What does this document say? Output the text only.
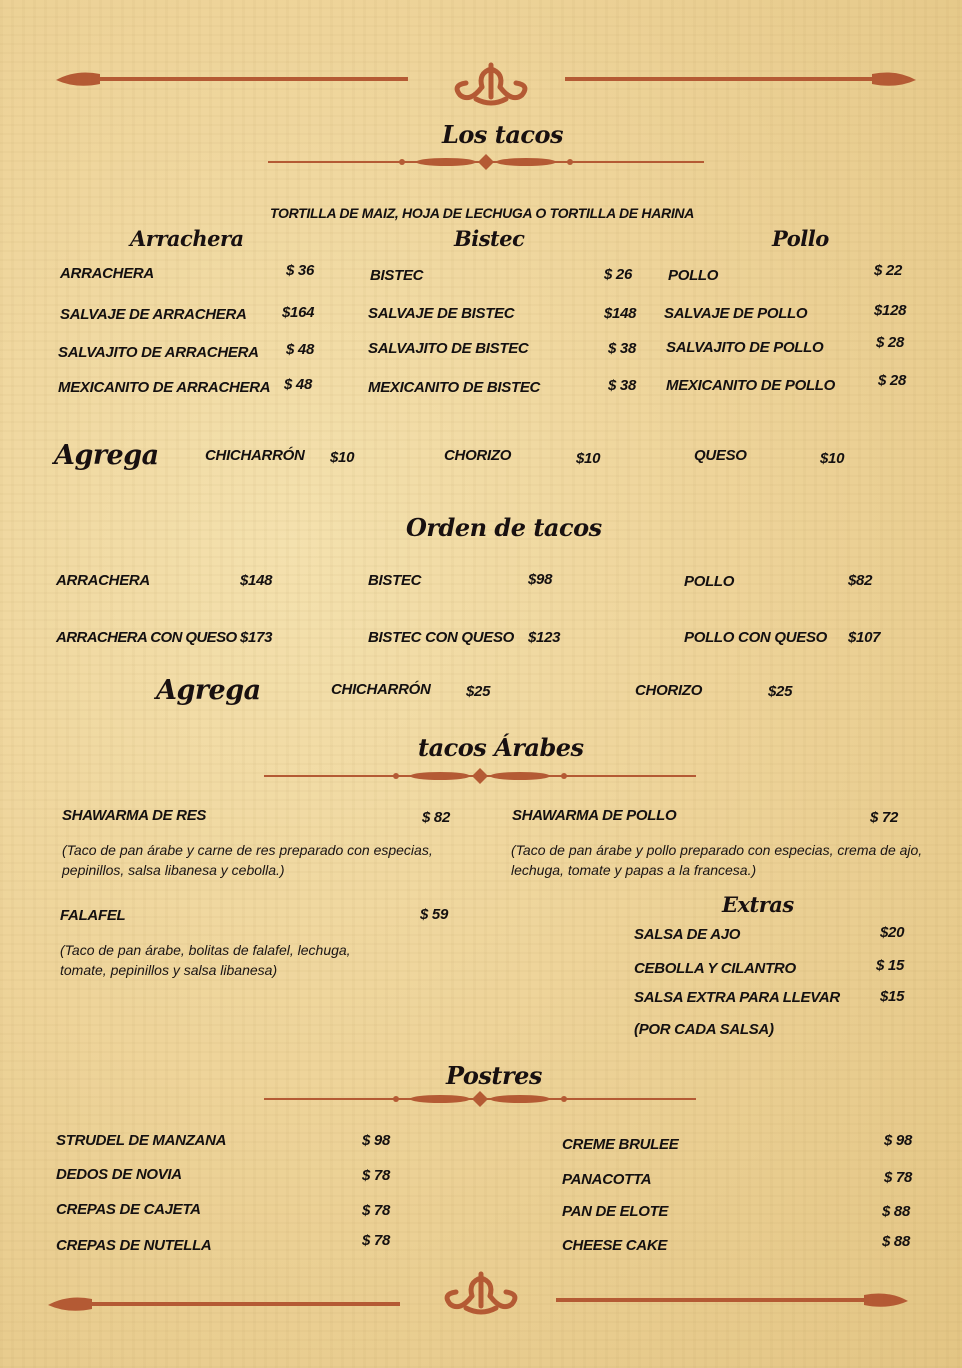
Los tacos
TORTILLA DE MAIZ, HOJA DE LECHUGA O TORTILLA DE HARINA
Arrachera	Bistec	Pollo
ARRACHERA	$ 36
SALVAJE DE ARRACHERA $164
SALVAJITO DE ARRACHERA $ 48
MEXICANITO DE ARRACHERA $ 48
BISTEC	$ 26
SALVAJE DE BISTEC	$148
SALVAJITO DE BISTEC	$ 38
MEXICANITO DE BISTEC	$ 38
POLLO	$ 22
SALVAJE DE POLLO	$128
SALVAJITO DE POLLO	$ 28
MEXICANITO DE POLLO	$ 28
Agrega	CHICHARRÓN $10	CHORIZO	$10	QUESO	$10
Orden de tacos
ARRACHERA	$148	BISTEC	$98	POLLO	$82
ARRACHERA CON QUESO $173	BISTEC CON QUESO $123	POLLO CON QUESO $107
Agrega	CHICHARRÓN $25	CHORIZO	$25
tacos Árabes
SHAWARMA DE RES	$ 82
(Taco de pan árabe y carne de res preparado con especias, pepinillos, salsa libanesa y cebolla.)
SHAWARMA DE POLLO	$ 72
(Taco de pan árabe y pollo preparado con especias, crema de ajo, lechuga, tomate y papas a la francesa.)
FALAFEL	$ 59
(Taco de pan árabe, bolitas de falafel, lechuga, tomate, pepinillos y salsa libanesa)
Extras
SALSA DE AJO	$20
CEBOLLA Y CILANTRO	$ 15
SALSA EXTRA PARA LLEVAR	$15
(POR CADA SALSA)
Postres
STRUDEL DE MANZANA	$ 98
DEDOS DE NOVIA	$ 78
CREPAS DE CAJETA	$ 78
CREPAS DE NUTELLA	$ 78
CREME BRULEE	$ 98
PANACOTTA	$ 78
PAN DE ELOTE	$ 88
CHEESE CAKE	$ 88
